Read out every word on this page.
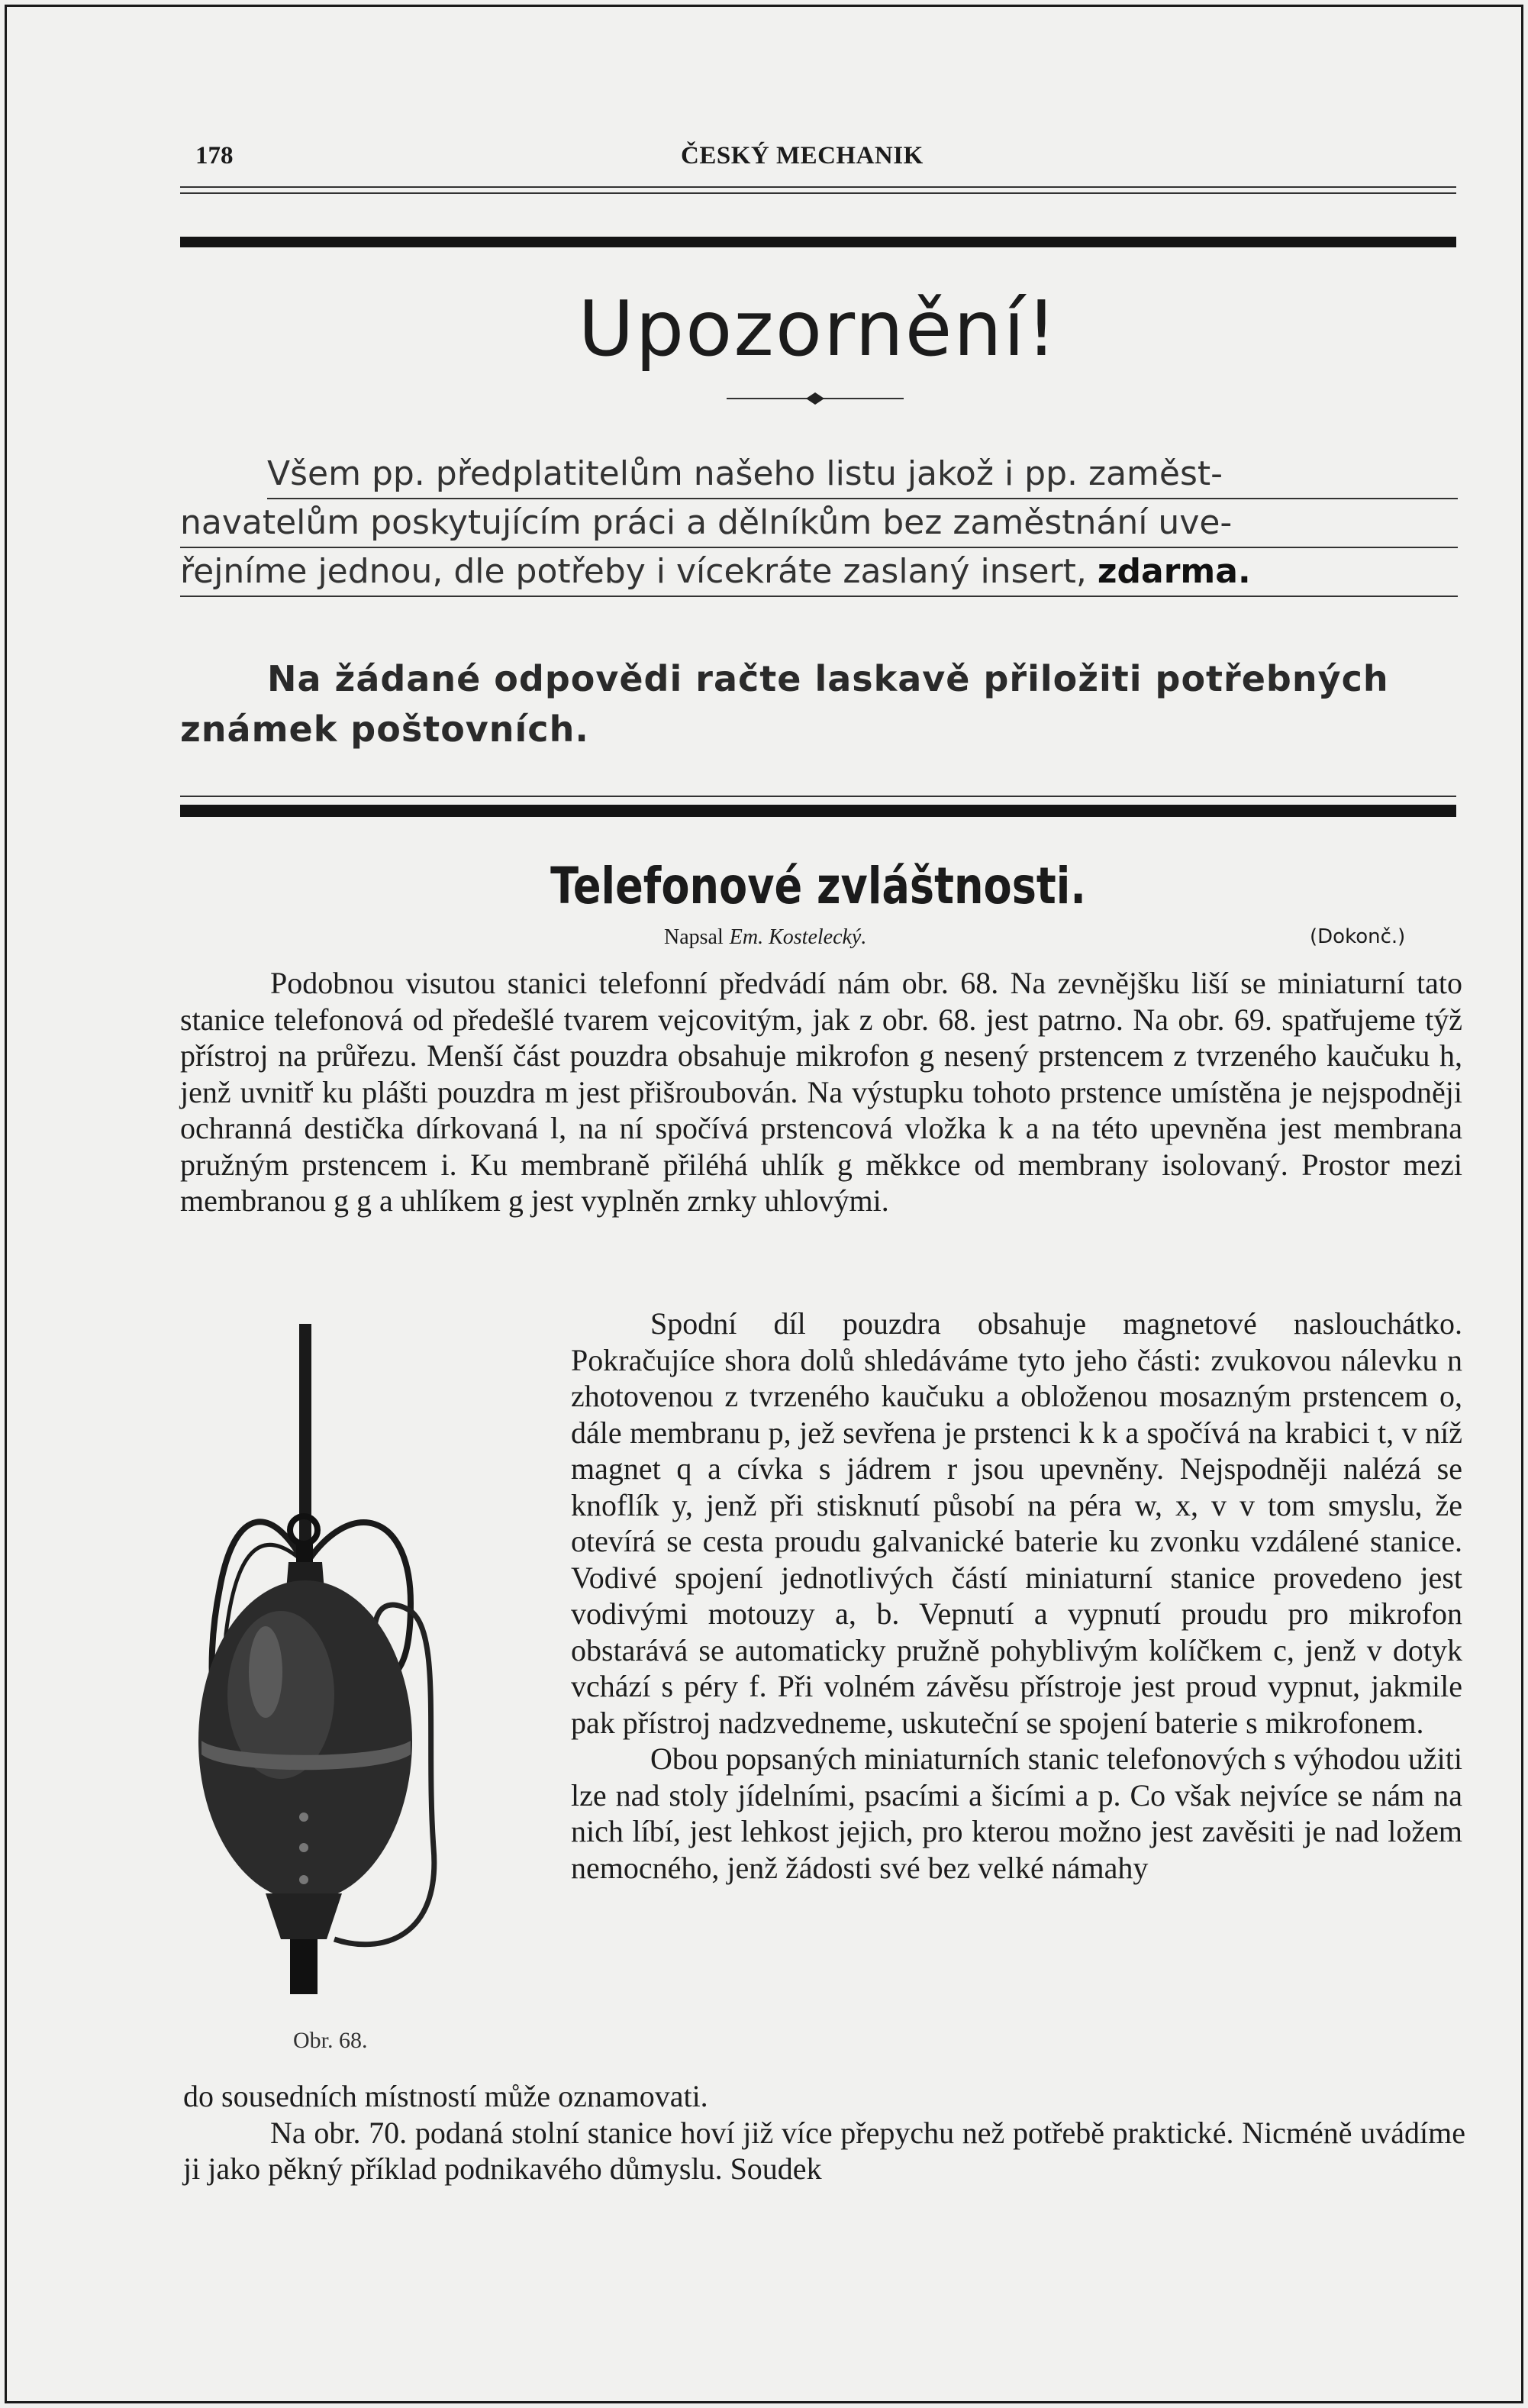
178	ČESKÝ MECHANIK
Upozornění!
Všem pp. předplatitelům našeho listu jakož i pp. zaměst-
navatelům poskytujícím práci a dělníkům bez zaměstnání uve-
řejníme jednou, dle potřeby i vícekráte zaslaný insert, zdarma.
Na žádané odpovědi račte laskavě přiložiti potřebných známek poštovních.
Telefonové zvláštnosti.
Napsal Em. Kostelecký.	(Dokonč.)
Podobnou visutou stanici telefonní předvádí nám obr. 68. Na zevnějšku liší se miniaturní tato stanice telefonová od předešlé tvarem vejcovitým, jak z obr. 68. jest patrno. Na obr. 69. spatřujeme týž přístroj na průřezu. Menší část pouzdra obsahuje mikrofon g nesený prstencem z tvrzeného kaučuku h, jenž uvnitř ku plášti pouzdra m jest přišroubován. Na výstupku tohoto prstence umístěna je nejspodněji ochranná destička dírkovaná l, na ní spočívá prstencová vložka k a na této upevněna jest membrana pružným prstencem i. Ku membraně přiléhá uhlík g měkkce od membrany isolovaný. Prostor mezi membranou g g a uhlíkem g jest vyplněn zrnky uhlovými.
Obr. 68.

Spodní díl pouzdra obsahuje magnetové naslouchátko. Pokračujíce shora dolů shledáváme tyto jeho části: zvukovou nálevku n zhotovenou z tvrzeného kaučuku a obloženou mosazným prstencem o, dále membranu p, jež sevřena je prstenci k k a spočívá na krabici t, v níž magnet q a cívka s jádrem r jsou upevněny. Nejspodněji nalézá se knoflík y, jenž při stisknutí působí na péra w, x, v v tom smyslu, že otevírá se cesta proudu galvanické baterie ku zvonku vzdálené stanice. Vodivé spojení jednotlivých částí miniaturní stanice provedeno jest vodivými motouzy a, b. Vepnutí a vypnutí proudu pro mikrofon obstarává se automaticky pružně pohyblivým kolíčkem c, jenž v dotyk vchází s péry f. Při volném závěsu přístroje jest proud vypnut, jakmile pak přístroj nadzvedneme, uskuteční se spojení baterie s mikrofonem.

Obou popsaných miniaturních stanic telefonových s výhodou užiti lze nad stoly jídelními, psacími a šicími a p. Co však nejvíce se nám na nich líbí, jest lehkost jejich, pro kterou možno jest zavěsiti je nad ložem nemocného, jenž žádosti své bez velké námahy

do sousedních místností může oznamovati.

Na obr. 70. podaná stolní stanice hoví již více přepychu než potřebě praktické. Nicméně uvádíme ji jako pěkný příklad podnikavého důmyslu. Soudek
